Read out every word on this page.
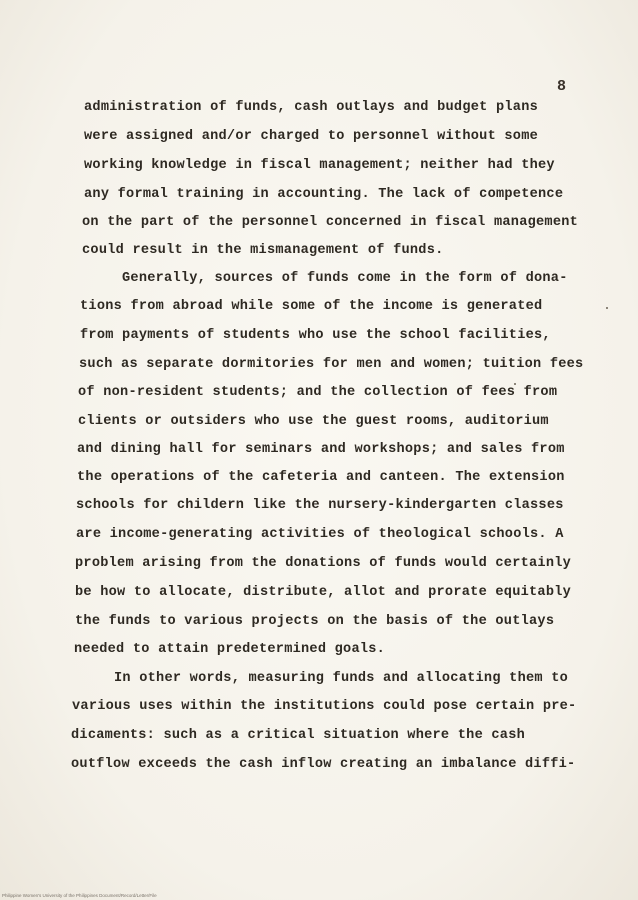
8
administration of funds, cash outlays and budget plans
were assigned and/or charged to personnel without some
working knowledge in fiscal management; neither had they
any formal training in accounting. The lack of competence
on the part of the personnel concerned in fiscal management
could result in the mismanagement of funds.
Generally, sources of funds come in the form of dona-
tions from abroad while some of the income is generated
from payments of students who use the school facilities,
such as separate dormitories for men and women; tuition fees
of non-resident students; and the collection of fees from
clients or outsiders who use the guest rooms, auditorium
and dining hall for seminars and workshops; and sales from
the operations of the cafeteria and canteen. The extension
schools for childern like the nursery-kindergarten classes
are income-generating activities of theological schools. A
problem arising from the donations of funds would certainly
be how to allocate, distribute, allot and prorate equitably
the funds to various projects on the basis of the outlays
needed to attain predetermined goals.
In other words, measuring funds and allocating them to
various uses within the institutions could pose certain pre-
dicaments: such as a critical situation where the cash
outflow exceeds the cash inflow creating an imbalance diffi-
Philippine Women's University of the Philippines Document/Record/Letter/File
